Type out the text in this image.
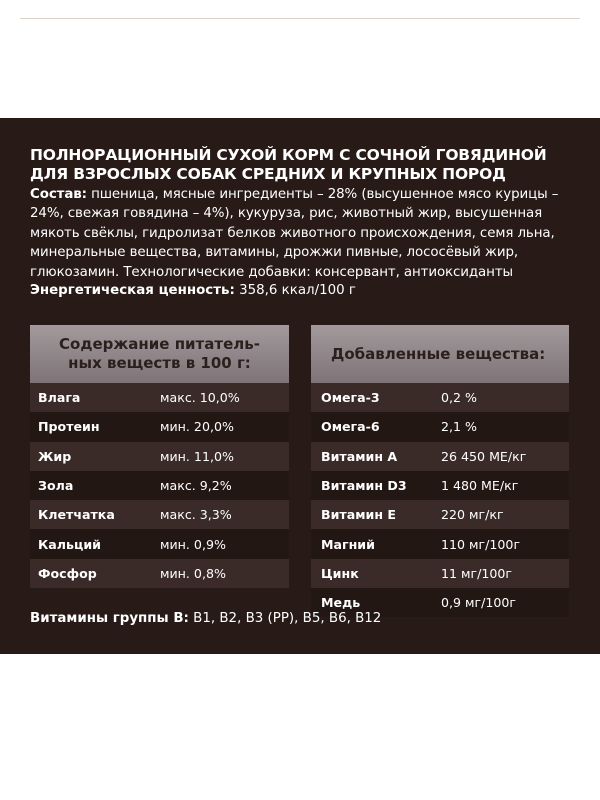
ПОЛНОРАЦИОННЫЙ СУХОЙ КОРМ С СОЧНОЙ ГОВЯДИНОЙ
ДЛЯ ВЗРОСЛЫХ СОБАК СРЕДНИХ И КРУПНЫХ ПОРОД
Состав: пшеница, мясные ингредиенты – 28% (высушенное мясо курицы – 24%, свежая говядина – 4%), кукуруза, рис, животный жир, высушенная мякоть свёклы, гидролизат белков животного происхождения, семя льна, минеральные вещества, витамины, дрожжи пивные, лососёвый жир, глюкозамин. Технологические добавки: консервант, антиоксиданты
Энергетическая ценность: 358,6 ккал/100 г
Содержание питатель-
ных веществ в 100 г:
Влага	макс. 10,0%
Протеин	мин. 20,0%
Жир	мин. 11,0%
Зола	макс. 9,2%
Клетчатка	макс. 3,3%
Кальций	мин. 0,9%
Фосфор	мин. 0,8%
Добавленные вещества:
Омега-3	0,2 %
Омега-6	2,1 %
Витамин А	26 450 МЕ/кг
Витамин D3	1 480 МЕ/кг
Витамин Е	220 мг/кг
Магний	110 мг/100г
Цинк	11 мг/100г
Медь	0,9 мг/100г
Витамины группы В: В1, В2, В3 (РР), В5, В6, В12
